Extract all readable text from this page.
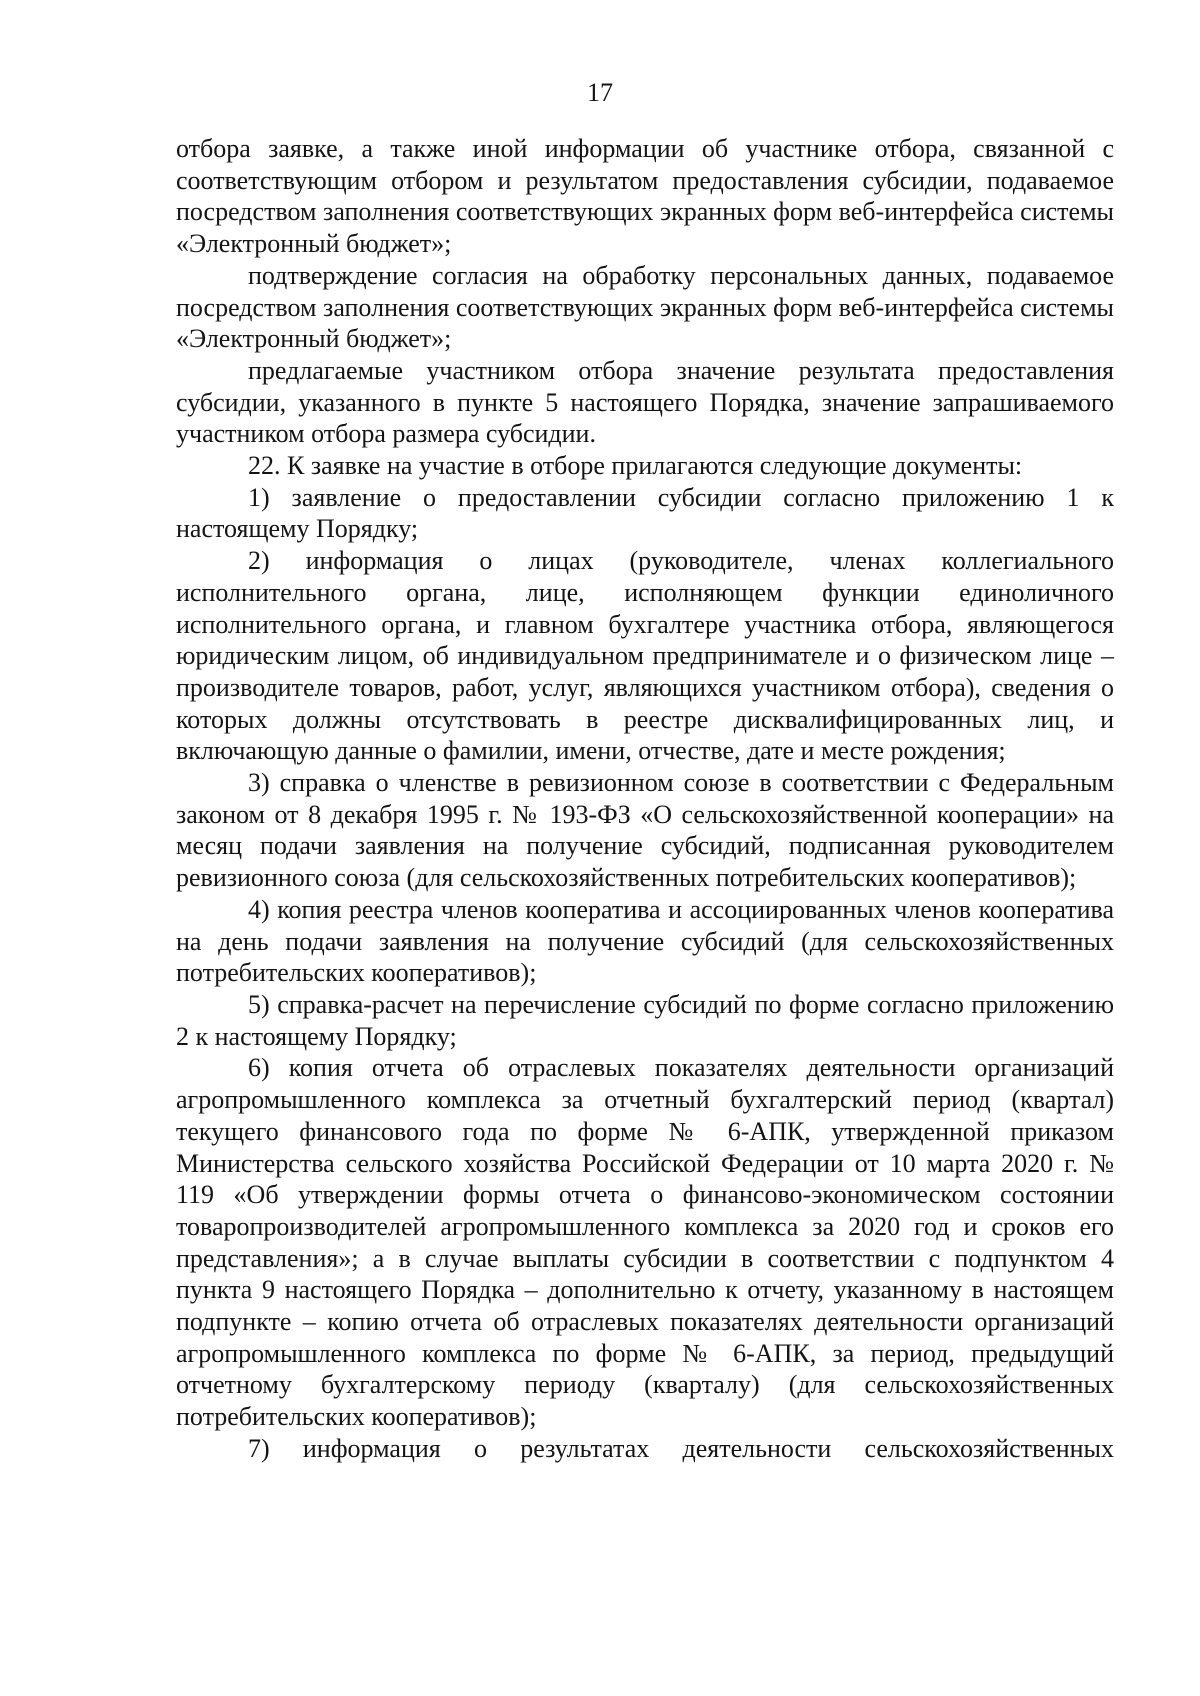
17

отбора заявке, а также иной информации об участнике отбора, связанной с соответствующим отбором и результатом предоставления субсидии, подаваемое посредством заполнения соответствующих экранных форм веб-интерфейса системы «Электронный бюджет»;

подтверждение согласия на обработку персональных данных, подаваемое посредством заполнения соответствующих экранных форм веб-интерфейса системы «Электронный бюджет»;

предлагаемые участником отбора значение результата предоставления субсидии, указанного в пункте 5 настоящего Порядка, значение запрашиваемого участником отбора размера субсидии.

22. К заявке на участие в отборе прилагаются следующие документы:

1) заявление о предоставлении субсидии согласно приложению 1 к настоящему Порядку;

2) информация о лицах (руководителе, членах коллегиального исполнительного органа, лице, исполняющем функции единоличного исполнительного органа, и главном бухгалтере участника отбора, являющегося юридическим лицом, об индивидуальном предпринимателе и о физическом лице – производителе товаров, работ, услуг, являющихся участником отбора), сведения о которых должны отсутствовать в реестре дисквалифицированных лиц, и включающую данные о фамилии, имени, отчестве, дате и месте рождения;

3) справка о членстве в ревизионном союзе в соответствии с Федеральным законом от 8 декабря 1995 г. № 193-ФЗ «О сельскохозяйственной кооперации» на месяц подачи заявления на получение субсидий, подписанная руководителем ревизионного союза (для сельскохозяйственных потребительских кооперативов);

4) копия реестра членов кооператива и ассоциированных членов кооператива на день подачи заявления на получение субсидий (для сельскохозяйственных потребительских кооперативов);

5) справка-расчет на перечисление субсидий по форме согласно приложению 2 к настоящему Порядку;

6) копия отчета об отраслевых показателях деятельности организаций агропромышленного комплекса за отчетный бухгалтерский период (квартал) текущего финансового года по форме № 6-АПК, утвержденной приказом Министерства сельского хозяйства Российской Федерации от 10 марта 2020 г. № 119 «Об утверждении формы отчета о финансово-экономическом состоянии товаропроизводителей агропромышленного комплекса за 2020 год и сроков его представления»; а в случае выплаты субсидии в соответствии с подпунктом 4 пункта 9 настоящего Порядка – дополнительно к отчету, указанному в настоящем подпункте – копию отчета об отраслевых показателях деятельности организаций агропромышленного комплекса по форме № 6-АПК, за период, предыдущий отчетному бухгалтерскому периоду (кварталу) (для сельскохозяйственных потребительских кооперативов);

7) информация о результатах деятельности сельскохозяйственных
